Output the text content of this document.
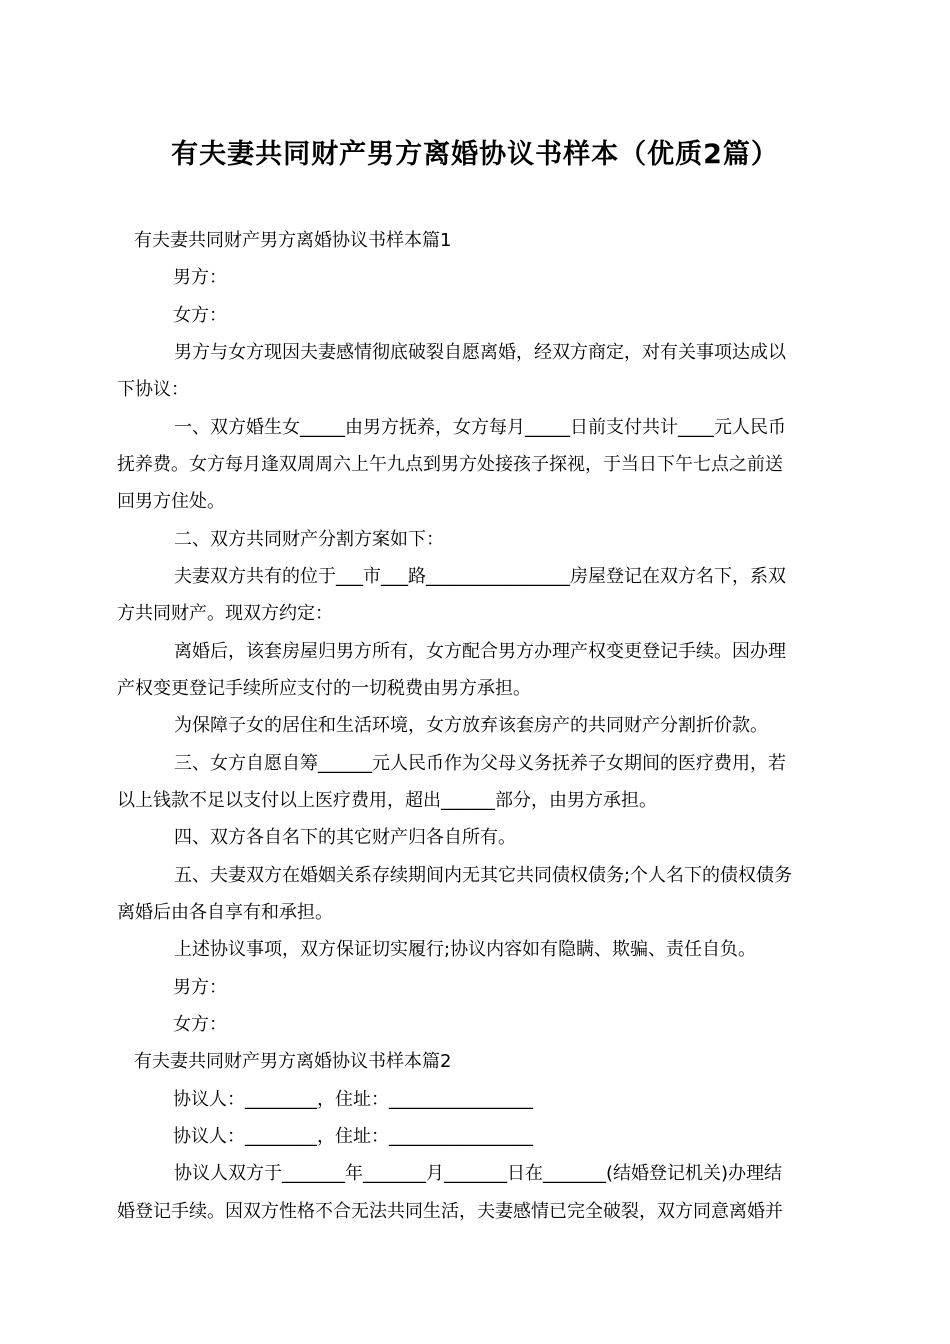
有夫妻共同财产男方离婚协议书样本（优质2篇）
有夫妻共同财产男方离婚协议书样本篇1
男方：
女方：
男方与女方现因夫妻感情彻底破裂自愿离婚，经双方商定，对有关事项达成以
下协议：
一、双方婚生女_____由男方抚养，女方每月_____日前支付共计____元人民币
抚养费。女方每月逢双周周六上午九点到男方处接孩子探视，于当日下午七点之前送
回男方住处。
二、双方共同财产分割方案如下：
夫妻双方共有的位于___市___路________________房屋登记在双方名下，系双
方共同财产。现双方约定：
离婚后，该套房屋归男方所有，女方配合男方办理产权变更登记手续。因办理
产权变更登记手续所应支付的一切税费由男方承担。
为保障子女的居住和生活环境，女方放弃该套房产的共同财产分割折价款。
三、女方自愿自筹______元人民币作为父母义务抚养子女期间的医疗费用，若
以上钱款不足以支付以上医疗费用，超出______部分，由男方承担。
四、双方各自名下的其它财产归各自所有。
五、夫妻双方在婚姻关系存续期间内无其它共同债权债务;个人名下的债权债务
离婚后由各自享有和承担。
上述协议事项，双方保证切实履行;协议内容如有隐瞒、欺骗、责任自负。
男方：
女方：
有夫妻共同财产男方离婚协议书样本篇2
协议人：________，住址：________________
协议人：________，住址：________________
协议人双方于_______年_______月_______日在_______(结婚登记机关)办理结
婚登记手续。因双方性格不合无法共同生活，夫妻感情已完全破裂，双方同意离婚并
